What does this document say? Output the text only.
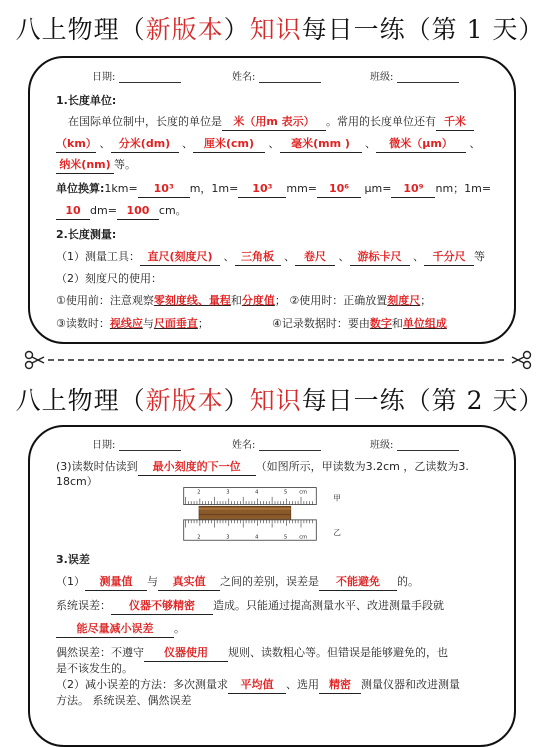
八上物理（新版本）知识每日一练（第 1 天）
日期:	姓名:	班级:
1.长度单位:
在国际单位制中，长度的单位是 米（用m 表示） 。常用的长度单位还有 千米
（km） 、 分米(dm) 、 厘米(cm) 、 毫米(mm ) 、 微米（μm） 、
纳米(nm) 等。
单位换算:1km= 10³ m，1m= 10³ mm= 10⁶ μm= 10⁹ nm；1m=
10 dm= 100 cm。
2.长度测量:
（1）测量工具： 直尺(刻度尺) 、 三角板 、 卷尺 、 游标卡尺 、 千分尺 等
（2）刻度尺的使用：
①使用前：注意观察零刻度线、量程和分度值； ②使用时：正确放置刻度尺；
③读数时：视线应与尺面垂直；	④记录数据时：要由数字和单位组成
八上物理（新版本）知识每日一练（第 2 天）
日期:	姓名:	班级:
(3)读数时估读到 最小刻度的下一位 （如图所示，甲读数为3.2cm ，乙读数为3.
18cm）
2	3	4	5 cm
2	3	4	5 cm
甲
乙
3.误差
（1） 测量值 与 真实值 之间的差别，误差是 不能避免 的。
系统误差： 仪器不够精密 造成。只能通过提高测量水平、改进测量手段就
能尽量减小误差 。
偶然误差：不遵守 仪器使用 规则、读数粗心等。但错误是能够避免的，也
是不该发生的。
（2）减小误差的方法：多次测量求 平均值 、选用 精密 测量仪器和改进测量
方法。 系统误差、偶然误差
